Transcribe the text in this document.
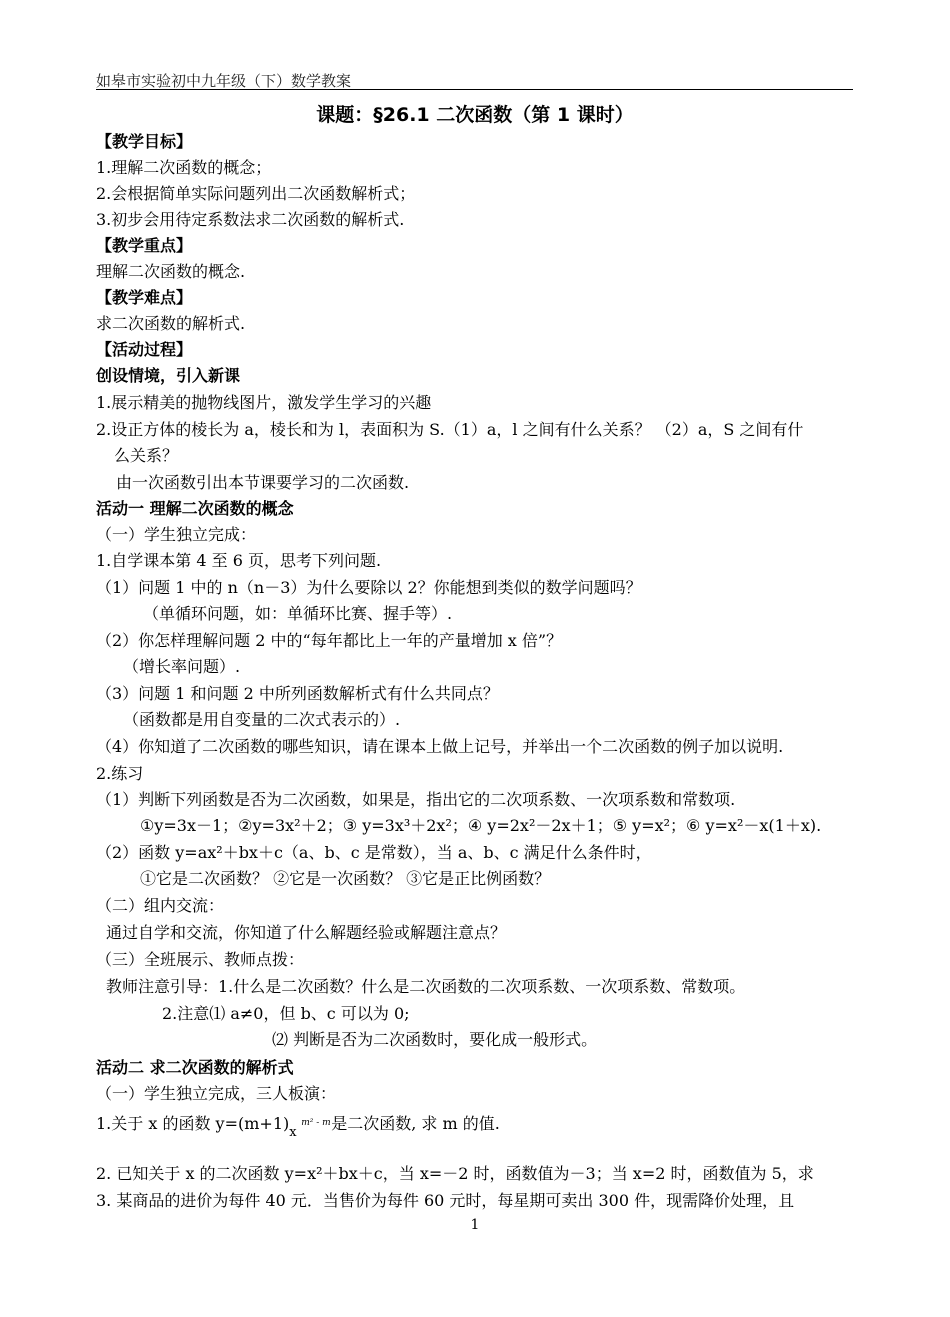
如皋市实验初中九年级（下）数学教案
课题：§26.1 二次函数（第 1 课时）
【教学目标】
1.理解二次函数的概念；
2.会根据简单实际问题列出二次函数解析式；
3.初步会用待定系数法求二次函数的解析式.
【教学重点】
理解二次函数的概念.
【教学难点】
求二次函数的解析式.
【活动过程】
创设情境，引入新课
1.展示精美的抛物线图片，激发学生学习的兴趣
2.设正方体的棱长为 a，棱长和为 l，表面积为 S.（1）a，l 之间有什么关系？ （2）a，S 之间有什
么关系？
由一次函数引出本节课要学习的二次函数.
活动一 理解二次函数的概念
（一）学生独立完成：
1.自学课本第 4 至 6 页，思考下列问题.
（1）问题 1 中的 n（n－3）为什么要除以 2？你能想到类似的数学问题吗？
（单循环问题，如：单循环比赛、握手等）.
（2）你怎样理解问题 2 中的“每年都比上一年的产量增加 x 倍”？
（增长率问题）.
（3）问题 1 和问题 2 中所列函数解析式有什么共同点？
（函数都是用自变量的二次式表示的）.
（4）你知道了二次函数的哪些知识，请在课本上做上记号，并举出一个二次函数的例子加以说明.
2.练习
（1）判断下列函数是否为二次函数，如果是，指出它的二次项系数、一次项系数和常数项.
①y=3x－1；②y=3x²＋2；③ y=3x³＋2x²；④ y=2x²－2x＋1；⑤ y=x²；⑥ y=x²－x(1＋x).
（2）函数 y=ax²＋bx＋c（a、b、c 是常数），当 a、b、c 满足什么条件时，
①它是二次函数？ ②它是一次函数？ ③它是正比例函数？
（二）组内交流：
通过自学和交流，你知道了什么解题经验或解题注意点？
（三）全班展示、教师点拨：
教师注意引导：1.什么是二次函数？什么是二次函数的二次项系数、一次项系数、常数项。
2.注意⑴ a≠0，但 b、c 可以为 0;
⑵ 判断是否为二次函数时，要化成一般形式。
活动二 求二次函数的解析式
（一）学生独立完成，三人板演：
1.关于 x 的函数 y=(m+1) x
m² - m 是二次函数, 求 m 的值.
2. 已知关于 x 的二次函数 y=x²＋bx＋c，当 x=－2 时，函数值为－3；当 x=2 时，函数值为 5，求
3. 某商品的进价为每件 40 元．当售价为每件 60 元时，每星期可卖出 300 件，现需降价处理，且
1
